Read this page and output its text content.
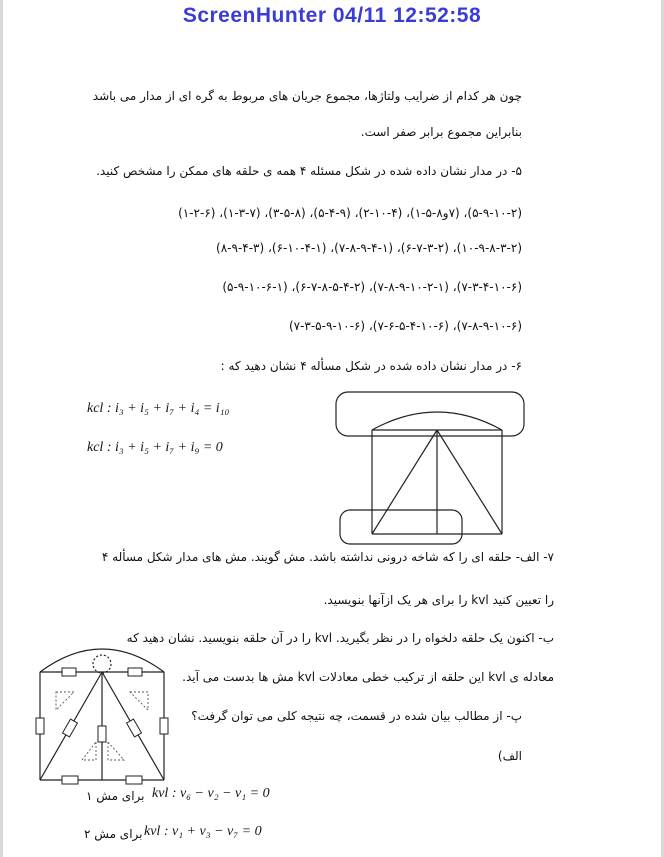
ScreenHunter 04/11 12:52:58
چون هر کدام از ضرایب ولتاژها، مجموع جریان های مربوط به گره ای از مدار می باشد
بنابراین مجموع برابر صفر است.
۵- در مدار نشان داده شده در شکل مسئله ۴ همه ی حلقه های ممکن را مشخص کنید.
(۵-۹-۱۰-۲)، (۷و۸-۵-۱)، (۴-۱۰-۲)، (۹-۴-۵)، (۸-۵-۳)، (۷-۳-۱)، (۶-۲-۱)
(۱۰-۹-۸-۳-۲)، (۶-۷-۳-۲)، (۷-۸-۹-۴-۱)، (۶-۱۰-۴-۱)، (۸-۹-۴-۳)
(۷-۳-۴-۱۰-۶)، (۷-۸-۹-۱۰-۲-۱)، (۶-۷-۸-۵-۴-۲)، (۵-۹-۱۰-۶-۱)
(۷-۸-۹-۱۰-۶)، (۷-۶-۵-۴-۱۰-۶)، (۷-۳-۵-۹-۱۰-۶)
۶- در مدار نشان داده شده در شکل مسأله ۴ نشان دهید که :
kcl : i₃ + i₅ + i₇ + i₄ = i₁₀
kcl : i₃ + i₅ + i₇ + i₉ = 0
۷- الف- حلقه ای را که شاخه درونی نداشته باشد. مش گویند. مش های مدار شکل مسأله ۴
را تعیین کنید kvl را برای هر یک ازآنها بنویسید.
ب- اکنون یک حلقه دلخواه را در نظر بگیرید. kvl را در آن حلقه بنویسید. نشان دهید که
معادله ی kvl این حلقه از ترکیب خطی معادلات kvl مش ها بدست می آید.
پ- از مطالب بیان شده در قسمت، چه نتیجه کلی می توان گرفت؟
الف)
برای مش ۱ kvl : v₆ − v₂ − v₁ = 0
برای مش ۲ kvl : v₁ + v₃ − v₇ = 0
